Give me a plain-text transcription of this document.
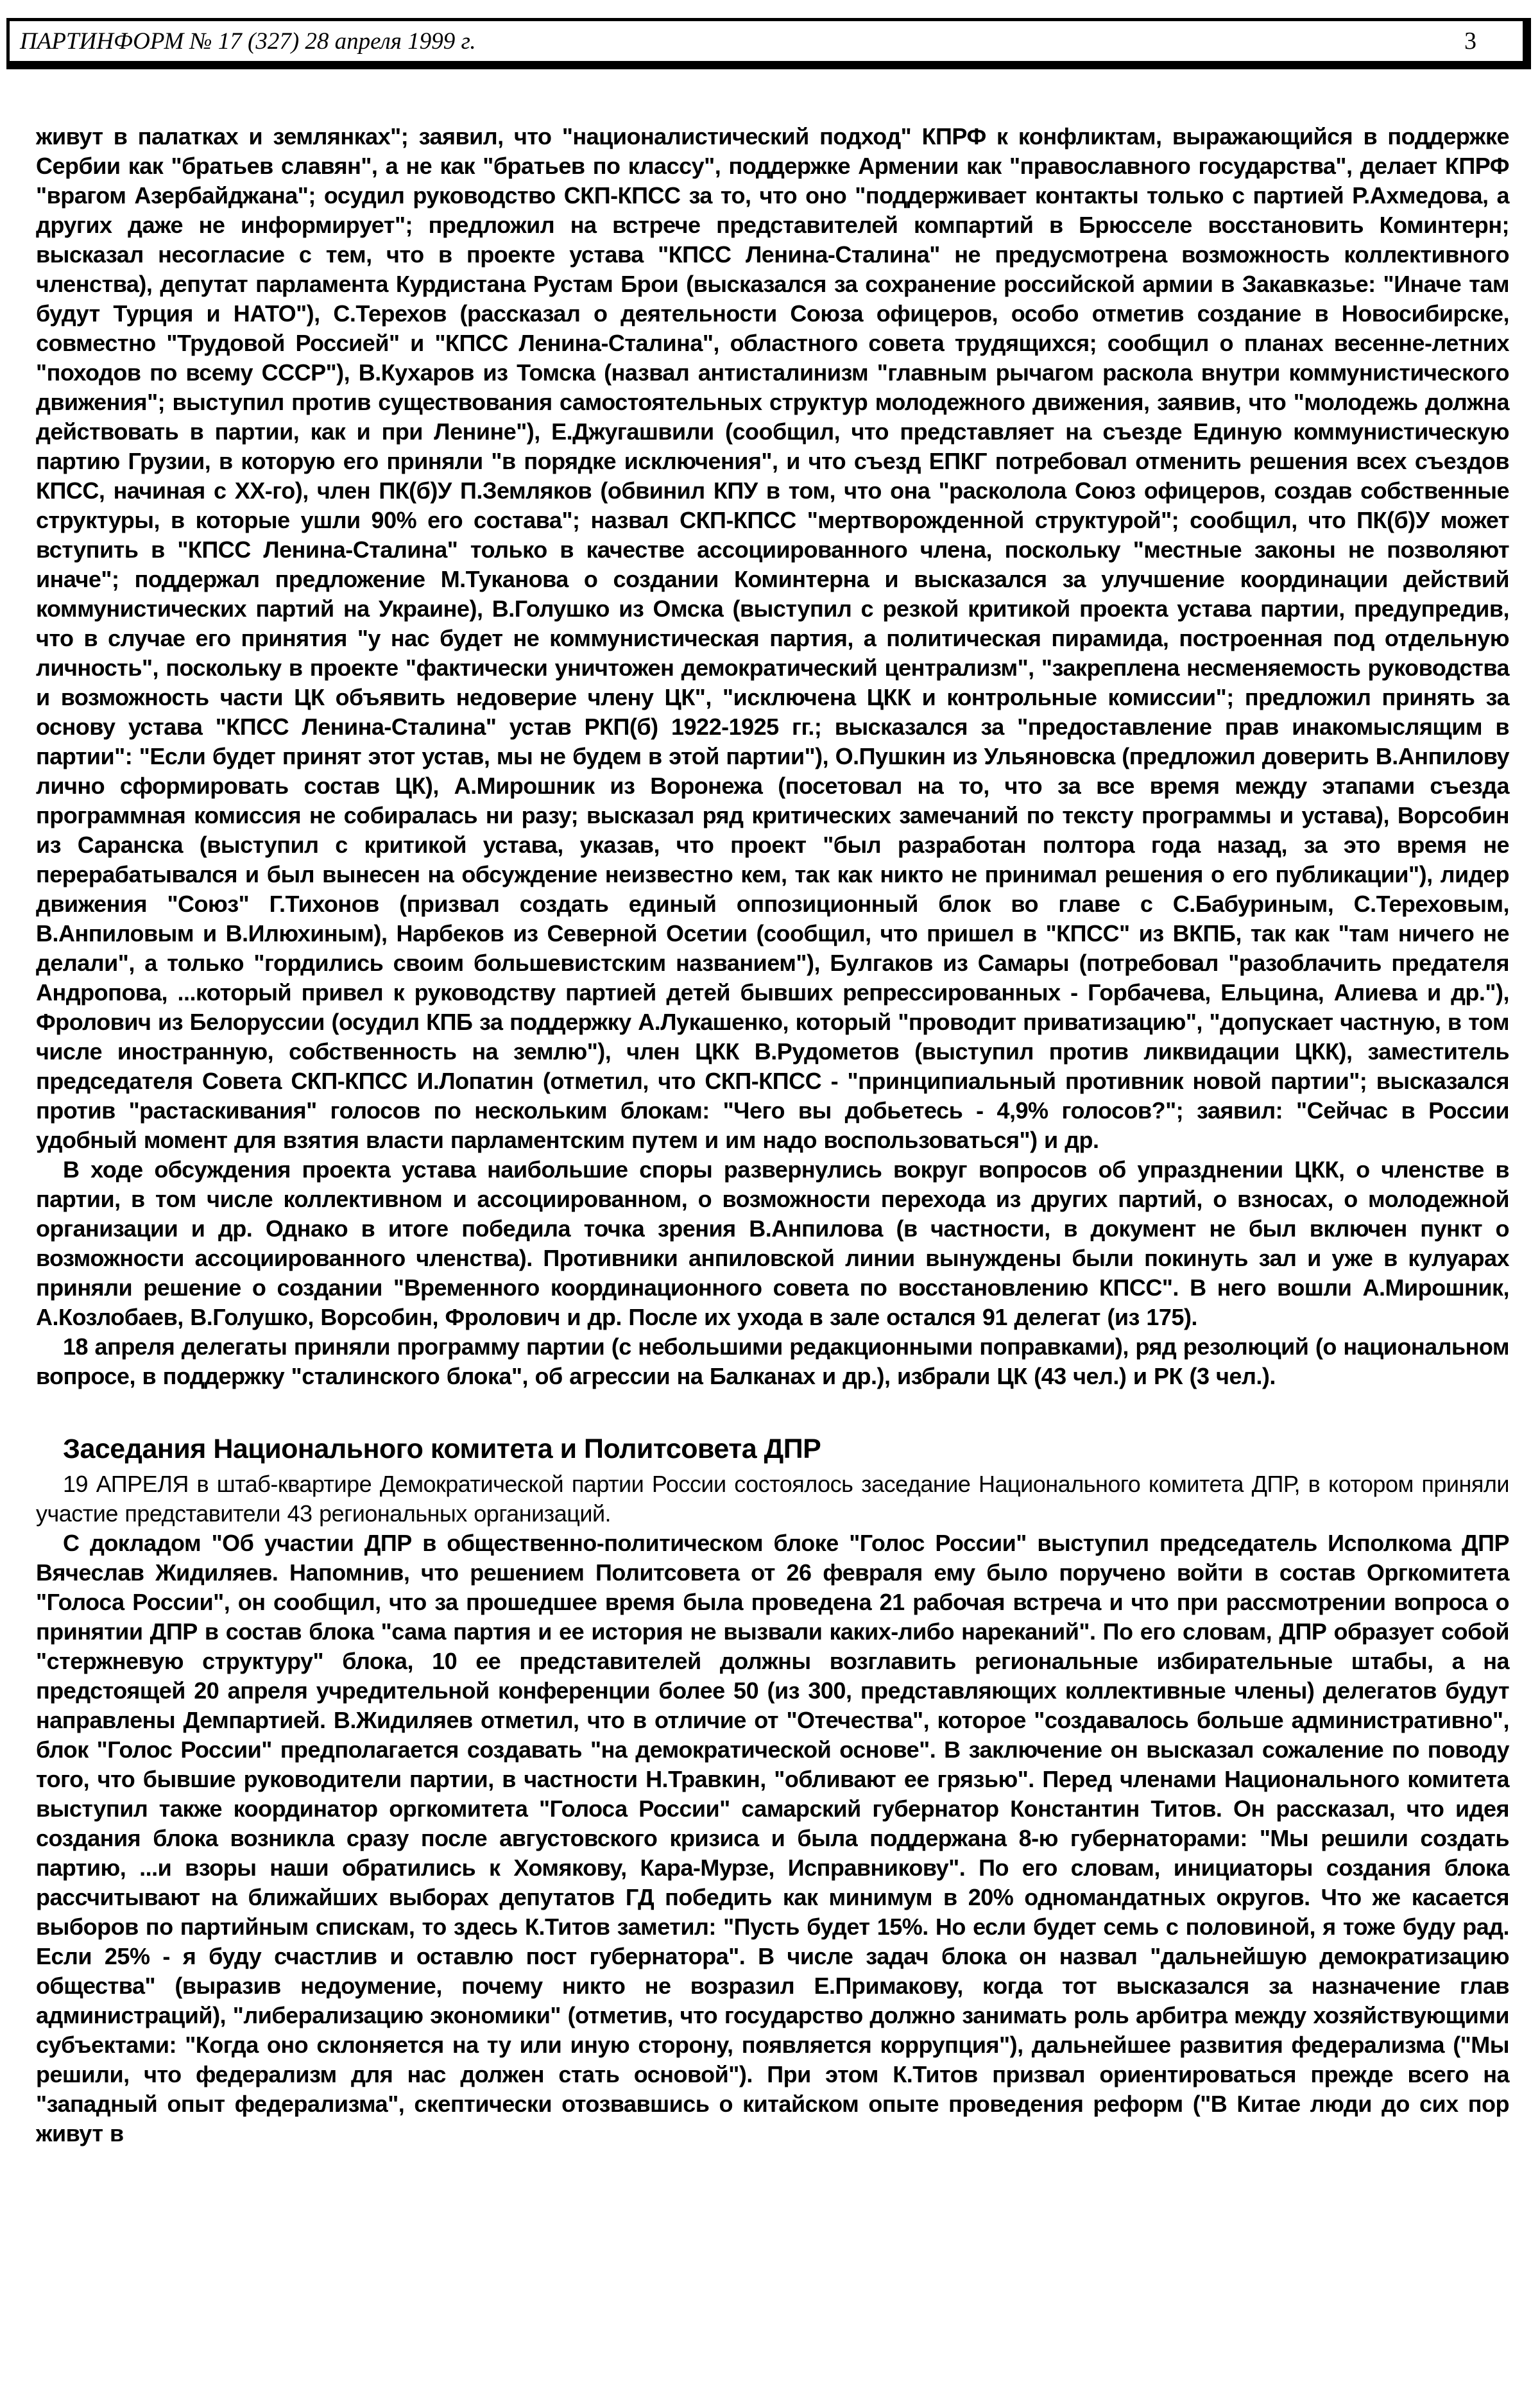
ПАРТИНФОРМ № 17 (327) 28 апреля 1999 г.	3

живут в палатках и землянках"; заявил, что "националистический подход" КПРФ к конфликтам, выражающийся в поддержке Сербии как "братьев славян", а не как "братьев по классу", поддержке Армении как "православного государства", делает КПРФ "врагом Азербайджана"; осудил руководство СКП-КПСС за то, что оно "поддерживает контакты только с партией Р.Ахмедова, а других даже не информирует"; предложил на встрече представителей компартий в Брюсселе восстановить Коминтерн; высказал несогласие с тем, что в проекте устава "КПСС Ленина-Сталина" не предусмотрена возможность коллективного членства), депутат парламента Курдистана Рустам Брои (высказался за сохранение российской армии в Закавказье: "Иначе там будут Турция и НАТО"), С.Терехов (рассказал о деятельности Союза офицеров, особо отметив создание в Новосибирске, совместно "Трудовой Россией" и "КПСС Ленина-Сталина", областного совета трудящихся; сообщил о планах весенне-летних "походов по всему СССР"), В.Кухаров из Томска (назвал антисталинизм "главным рычагом раскола внутри коммунистического движения"; выступил против существования самостоятельных структур молодежного движения, заявив, что "молодежь должна действовать в партии, как и при Ленине"), Е.Джугашвили (сообщил, что представляет на съезде Единую коммунистическую партию Грузии, в которую его приняли "в порядке исключения", и что съезд ЕПКГ потребовал отменить решения всех съездов КПСС, начиная с XX-го), член ПК(б)У П.Земляков (обвинил КПУ в том, что она "расколола Союз офицеров, создав собственные структуры, в которые ушли 90% его состава"; назвал СКП-КПСС "мертворожденной структурой"; сообщил, что ПК(б)У может вступить в "КПСС Ленина-Сталина" только в качестве ассоциированного члена, поскольку "местные законы не позволяют иначе"; поддержал предложение М.Туканова о создании Коминтерна и высказался за улучшение координации действий коммунистических партий на Украине), В.Голушко из Омска (выступил с резкой критикой проекта устава партии, предупредив, что в случае его принятия "у нас будет не коммунистическая партия, а политическая пирамида, построенная под отдельную личность", поскольку в проекте "фактически уничтожен демократический централизм", "закреплена несменяемость руководства и возможность части ЦК объявить недоверие члену ЦК", "исключена ЦКК и контрольные комиссии"; предложил принять за основу устава "КПСС Ленина-Сталина" устав РКП(б) 1922-1925 гг.; высказался за "предоставление прав инакомыслящим в партии": "Если будет принят этот устав, мы не будем в этой партии"), О.Пушкин из Ульяновска (предложил доверить В.Анпилову лично сформировать состав ЦК), А.Мирошник из Воронежа (посетовал на то, что за все время между этапами съезда программная комиссия не собиралась ни разу; высказал ряд критических замечаний по тексту программы и устава), Ворсобин из Саранска (выступил с критикой устава, указав, что проект "был разработан полтора года назад, за это время не перерабатывался и был вынесен на обсуждение неизвестно кем, так как никто не принимал решения о его публикации"), лидер движения "Союз" Г.Тихонов (призвал создать единый оппозиционный блок во главе с С.Бабуриным, С.Тереховым, В.Анпиловым и В.Илюхиным), Нарбеков из Северной Осетии (сообщил, что пришел в "КПСС" из ВКПБ, так как "там ничего не делали", а только "гордились своим большевистским названием"), Булгаков из Самары (потребовал "разоблачить предателя Андропова, ...который привел к руководству партией детей бывших репрессированных - Горбачева, Ельцина, Алиева и др."), Фролович из Белоруссии (осудил КПБ за поддержку А.Лукашенко, который "проводит приватизацию", "допускает частную, в том числе иностранную, собственность на землю"), член ЦКК В.Рудометов (выступил против ликвидации ЦКК), заместитель председателя Совета СКП-КПСС И.Лопатин (отметил, что СКП-КПСС - "принципиальный противник новой партии"; высказался против "растаскивания" голосов по нескольким блокам: "Чего вы добьетесь - 4,9% голосов?"; заявил: "Сейчас в России удобный момент для взятия власти парламентским путем и им надо воспользоваться") и др.

В ходе обсуждения проекта устава наибольшие споры развернулись вокруг вопросов об упразднении ЦКК, о членстве в партии, в том числе коллективном и ассоциированном, о возможности перехода из других партий, о взносах, о молодежной организации и др. Однако в итоге победила точка зрения В.Анпилова (в частности, в документ не был включен пункт о возможности ассоциированного членства). Противники анпиловской линии вынуждены были покинуть зал и уже в кулуарах приняли решение о создании "Временного координационного совета по восстановлению КПСС". В него вошли А.Мирошник, А.Козлобаев, В.Голушко, Ворсобин, Фролович и др. После их ухода в зале остался 91 делегат (из 175).

18 апреля делегаты приняли программу партии (с небольшими редакционными поправками), ряд резолюций (о национальном вопросе, в поддержку "сталинского блока", об агрессии на Балканах и др.), избрали ЦК (43 чел.) и РК (3 чел.).

Заседания Национального комитета и Политсовета ДПР

19 АПРЕЛЯ в штаб-квартире Демократической партии России состоялось заседание Национального комитета ДПР, в котором приняли участие представители 43 региональных организаций.

С докладом "Об участии ДПР в общественно-политическом блоке "Голос России" выступил председатель Исполкома ДПР Вячеслав Жидиляев. Напомнив, что решением Политсовета от 26 февраля ему было поручено войти в состав Оргкомитета "Голоса России", он сообщил, что за прошедшее время была проведена 21 рабочая встреча и что при рассмотрении вопроса о принятии ДПР в состав блока "сама партия и ее история не вызвали каких-либо нареканий". По его словам, ДПР образует собой "стержневую структуру" блока, 10 ее представителей должны возглавить региональные избирательные штабы, а на предстоящей 20 апреля учредительной конференции более 50 (из 300, представляющих коллективные члены) делегатов будут направлены Демпартией. В.Жидиляев отметил, что в отличие от "Отечества", которое "создавалось больше административно", блок "Голос России" предполагается создавать "на демократической основе". В заключение он высказал сожаление по поводу того, что бывшие руководители партии, в частности Н.Травкин, "обливают ее грязью". Перед членами Национального комитета выступил также координатор оргкомитета "Голоса России" самарский губернатор Константин Титов. Он рассказал, что идея создания блока возникла сразу после августовского кризиса и была поддержана 8-ю губернаторами: "Мы решили создать партию, ...и взоры наши обратились к Хомякову, Кара-Мурзе, Исправникову". По его словам, инициаторы создания блока рассчитывают на ближайших выборах депутатов ГД победить как минимум в 20% одномандатных округов. Что же касается выборов по партийным спискам, то здесь К.Титов заметил: "Пусть будет 15%. Но если будет семь с половиной, я тоже буду рад. Если 25% - я буду счастлив и оставлю пост губернатора". В числе задач блока он назвал "дальнейшую демократизацию общества" (выразив недоумение, почему никто не возразил Е.Примакову, когда тот высказался за назначение глав администраций), "либерализацию экономики" (отметив, что государство должно занимать роль арбитра между хозяйствующими субъектами: "Когда оно склоняется на ту или иную сторону, появляется коррупция"), дальнейшее развития федерализма ("Мы решили, что федерализм для нас должен стать основой"). При этом К.Титов призвал ориентироваться прежде всего на "западный опыт федерализма", скептически отозвавшись о китайском опыте проведения реформ ("В Китае люди до сих пор живут в
